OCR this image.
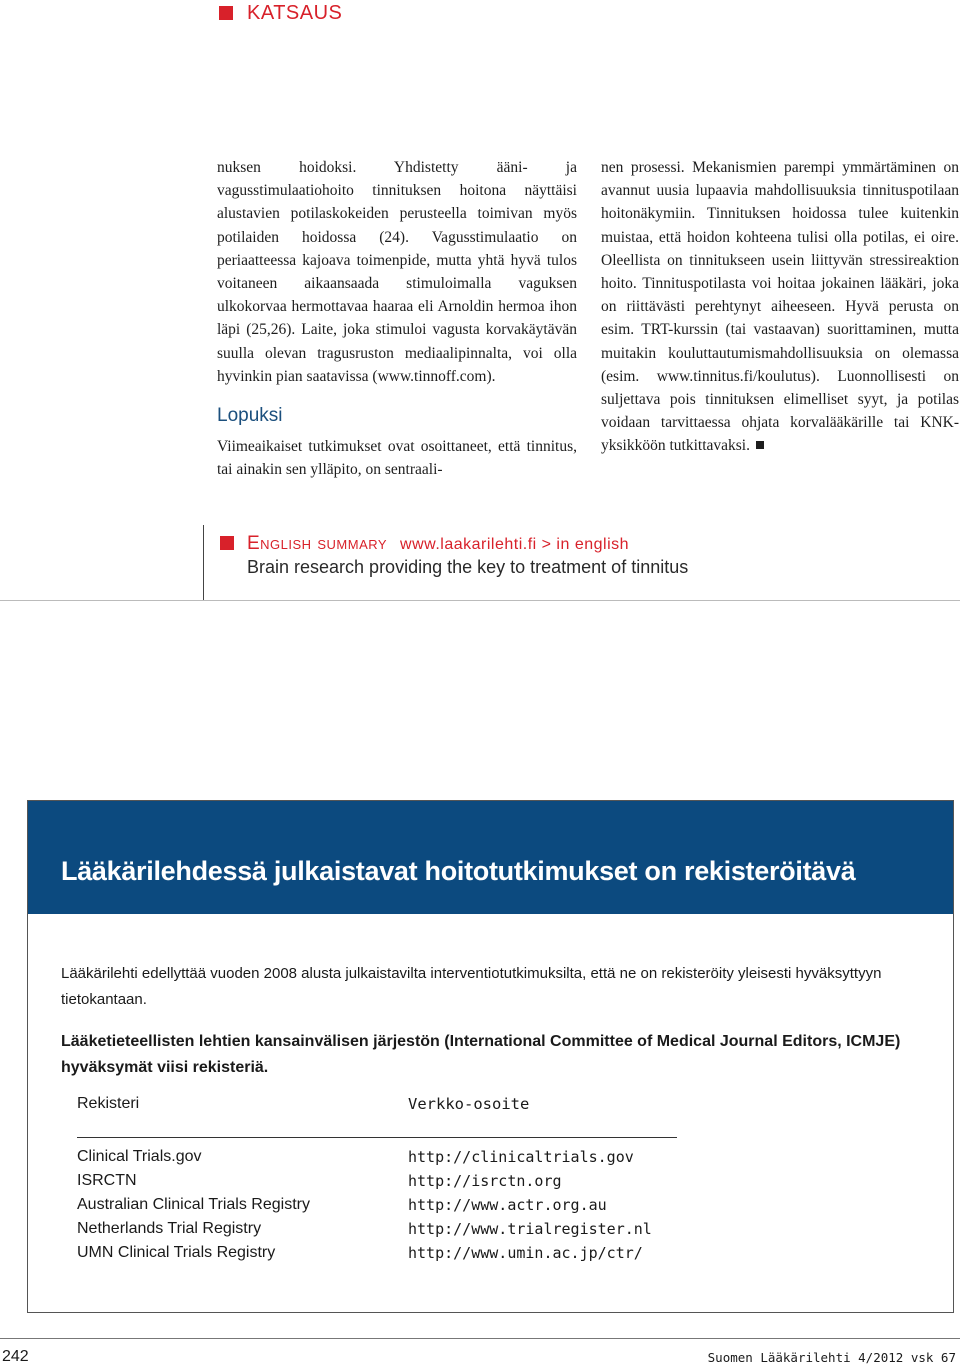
KATSAUS

nuksen hoidoksi. Yhdistetty ääni- ja vagusstimulaatiohoito tinnituksen hoitona näyttäisi alustavien potilaskokeiden perusteella toimivan myös potilaiden hoidossa (24). Vagusstimulaatio on periaatteessa kajoava toimenpide, mutta yhtä hyvä tulos voitaneen aikaansaada stimuloimalla vaguksen ulkokorvaa hermottavaa haaraa eli Arnoldin hermoa ihon läpi (25,26). Laite, joka stimuloi vagusta korvakäytävän suulla olevan tragusruston mediaalipinnalta, voi olla hyvinkin pian saatavissa (www.tinnoff.com).

Lopuksi

Viimeaikaiset tutkimukset ovat osoittaneet, että tinnitus, tai ainakin sen ylläpito, on sentraali-

nen prosessi. Mekanismien parempi ymmärtäminen on avannut uusia lupaavia mahdollisuuksia tinnituspotilaan hoitonäkymiin. Tinnituksen hoidossa tulee kuitenkin muistaa, että hoidon kohteena tulisi olla potilas, ei oire. Oleellista on tinnitukseen usein liittyvän stressireaktion hoito. Tinnituspotilasta voi hoitaa jokainen lääkäri, joka on riittävästi perehtynyt aiheeseen. Hyvä perusta on esim. TRT-kurssin (tai vastaavan) suorittaminen, mutta muitakin kouluttautumismahdollisuuksia on olemassa (esim. www.tinnitus.fi/koulutus). Luonnollisesti on suljettava pois tinnituksen elimelliset syyt, ja potilas voidaan tarvittaessa ohjata korvalääkärille tai KNK-yksikköön tutkittavaksi.

English summary www.laakarilehti.fi > in english
Brain research providing the key to treatment of tinnitus
Lääkärilehdessä julkaistavat hoitotutkimukset on rekisteröitävä
Lääkärilehti edellyttää vuoden 2008 alusta julkaistavilta interventiotutkimuksilta, että ne on rekisteröity yleisesti hyväksyttyyn tietokantaan.
Lääketieteellisten lehtien kansainvälisen järjestön (International Committee of Medical Journal Editors, ICMJE) hyväksymät viisi rekisteriä.
Rekisteri	Verkko-osoite
Clinical Trials.gov	http://clinicaltrials.gov
ISRCTN	http://isrctn.org
Australian Clinical Trials Registry	http://www.actr.org.au
Netherlands Trial Registry	http://www.trialregister.nl
UMN Clinical Trials Registry	http://www.umin.ac.jp/ctr/
242	Suomen Lääkärilehti 4/2012 vsk 67
